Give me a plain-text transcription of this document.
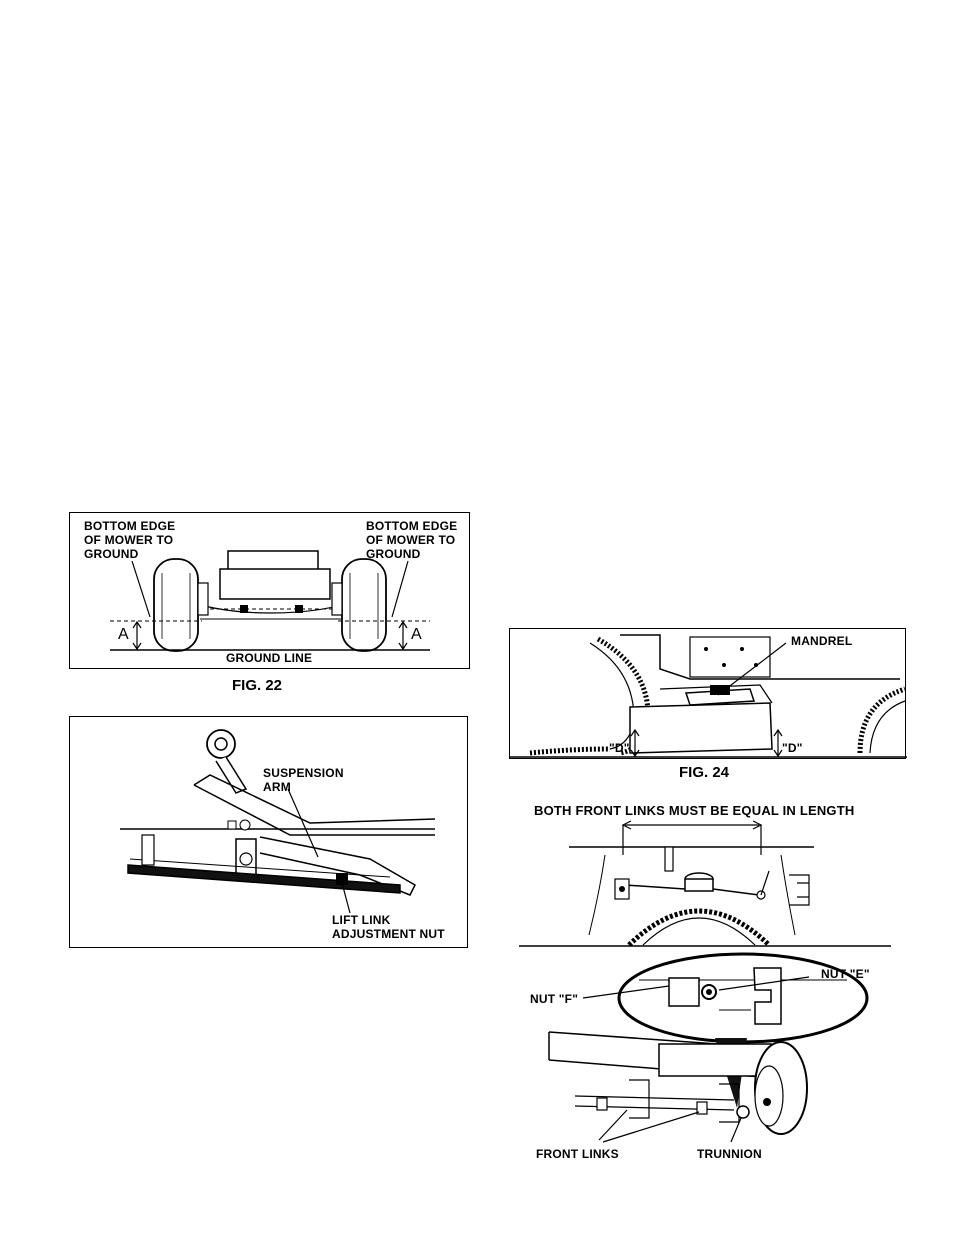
BOTTOM EDGE
OF MOWER TO
GROUND
BOTTOM EDGE
OF MOWER TO
GROUND
A	A
GROUND LINE
FIG. 22
SUSPENSION
ARM
LIFT LINK
ADJUSTMENT NUT
MANDREL
"D"	"D"
FIG. 24
BOTH FRONT LINKS MUST BE EQUAL IN LENGTH
NUT "F"
NUT "E"
FRONT LINKS	TRUNNION
